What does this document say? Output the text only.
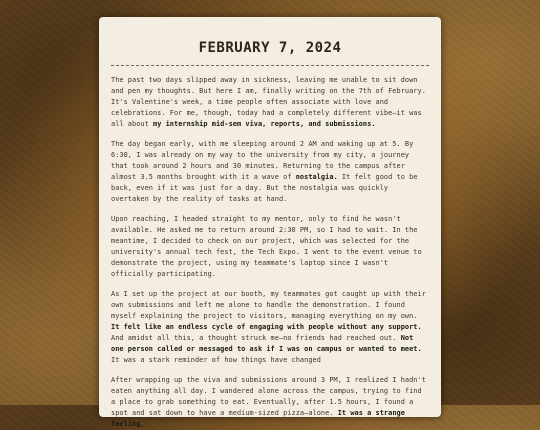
FEBRUARY 7, 2024

The past two days slipped away in sickness, leaving me unable to sit down and pen my thoughts. But here I am, finally writing on the 7th of February. It's Valentine's week, a time people often associate with love and celebrations. For me, though, today had a completely different vibe—it was all about my internship mid-sem viva, reports, and submissions.

The day began early, with me sleeping around 2 AM and waking up at 5. By 6:30, I was already on my way to the university from my city, a journey that took around 2 hours and 30 minutes. Returning to the campus after almost 3.5 months brought with it a wave of nostalgia. It felt good to be back, even if it was just for a day. But the nostalgia was quickly overtaken by the reality of tasks at hand.

Upon reaching, I headed straight to my mentor, only to find he wasn't available. He asked me to return around 2:30 PM, so I had to wait. In the meantime, I decided to check on our project, which was selected for the university's annual tech fest, the Tech Expo. I went to the event venue to demonstrate the project, using my teammate's laptop since I wasn't officially participating.

As I set up the project at our booth, my teammates got caught up with their own submissions and left me alone to handle the demonstration. I found myself explaining the project to visitors, managing everything on my own. It felt like an endless cycle of engaging with people without any support. And amidst all this, a thought struck me—no friends had reached out. Not one person called or messaged to ask if I was on campus or wanted to meet. It was a stark reminder of how things have changed

After wrapping up the viva and submissions around 3 PM, I realized I hadn't eaten anything all day. I wandered alone across the campus, trying to find a place to grab something to eat. Eventually, after 1.5 hours, I found a spot and sat down to have a medium-sized pizza—alone. It was a strange feeling,
